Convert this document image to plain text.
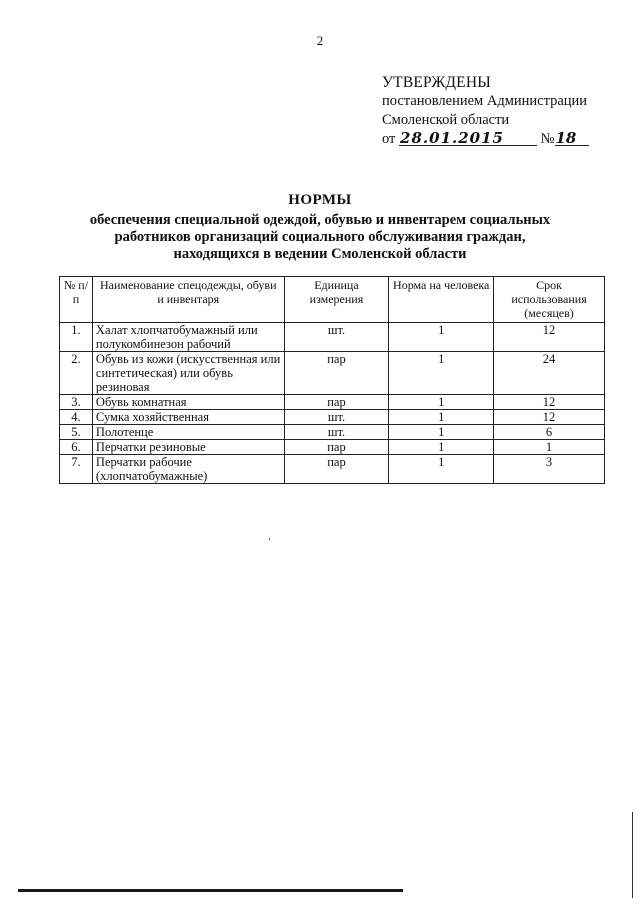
2
УТВЕРЖДЕНЫ
постановлением Администрации
Смоленской области
от 28.01.2015	№18
НОРМЫ
обеспечения специальной одеждой, обувью и инвентарем социальных работников организаций социального обслуживания граждан, находящихся в ведении Смоленской области
№ п/п	Наименование спецодежды, обуви и инвентаря	Единица измерения	Норма на человека	Срок использования (месяцев)
1.	Халат хлопчатобумажный или полукомбинезон рабочий	шт.	1	12
2.	Обувь из кожи (искусственная или синтетическая) или обувь резиновая	пар	1	24
3.	Обувь комнатная	пар	1	12
4.	Сумка хозяйственная	шт.	1	12
5.	Полотенце	шт.	1	6
6.	Перчатки резиновые	пар	1	1
7.	Перчатки рабочие (хлопчатобумажные)	пар	1	3
